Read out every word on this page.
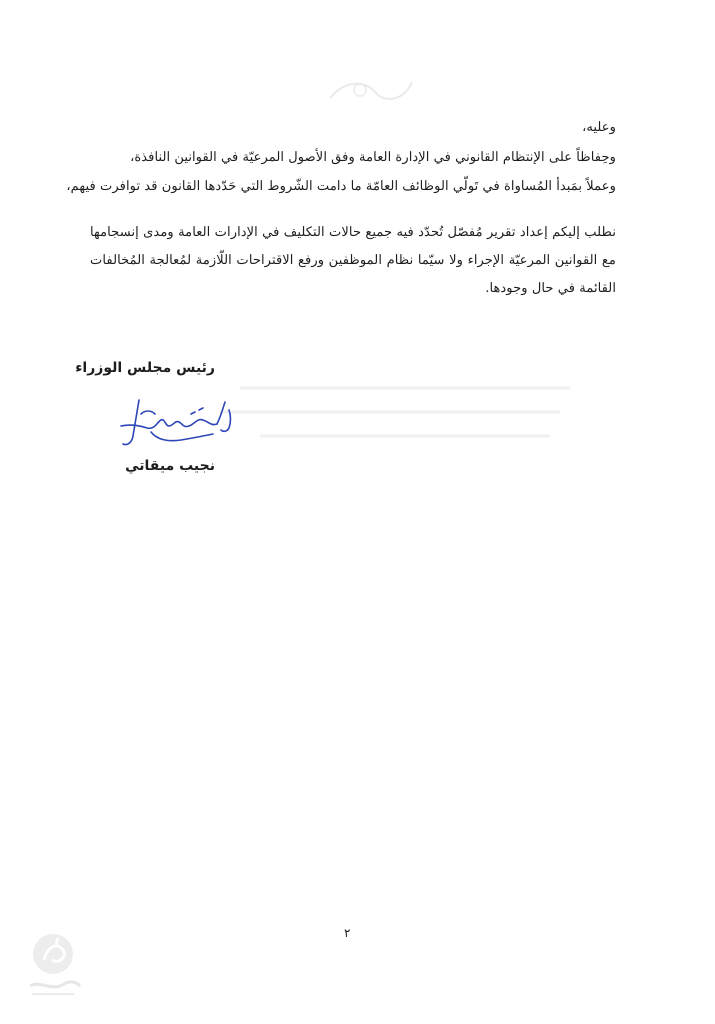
وعليه،

وحِفاظاً على الإنتظام القانوني في الإدارة العامة وفق الأصول المرعيّة في القوانين النافذة،

وعملاً بمَبدأ المُساواة في تَولّي الوظائف العامّة ما دامت الشّروط التي حَدّدها القانون قد توافرت فيهم،

نطلب إليكم إعداد تقرير مُفصّل تُحدّد فيه جميع حالات التكليف في الإدارات العامة ومدى إنسجامها مع القوانين المرعيّة الإجراء ولا سيّما نظام الموظفين ورفع الاقتراحات اللّازمة لمُعالجة المُخالفات القائمة في حال وجودها.

رئيس مجلس الوزراء

نجيب ميقاتي

٢
